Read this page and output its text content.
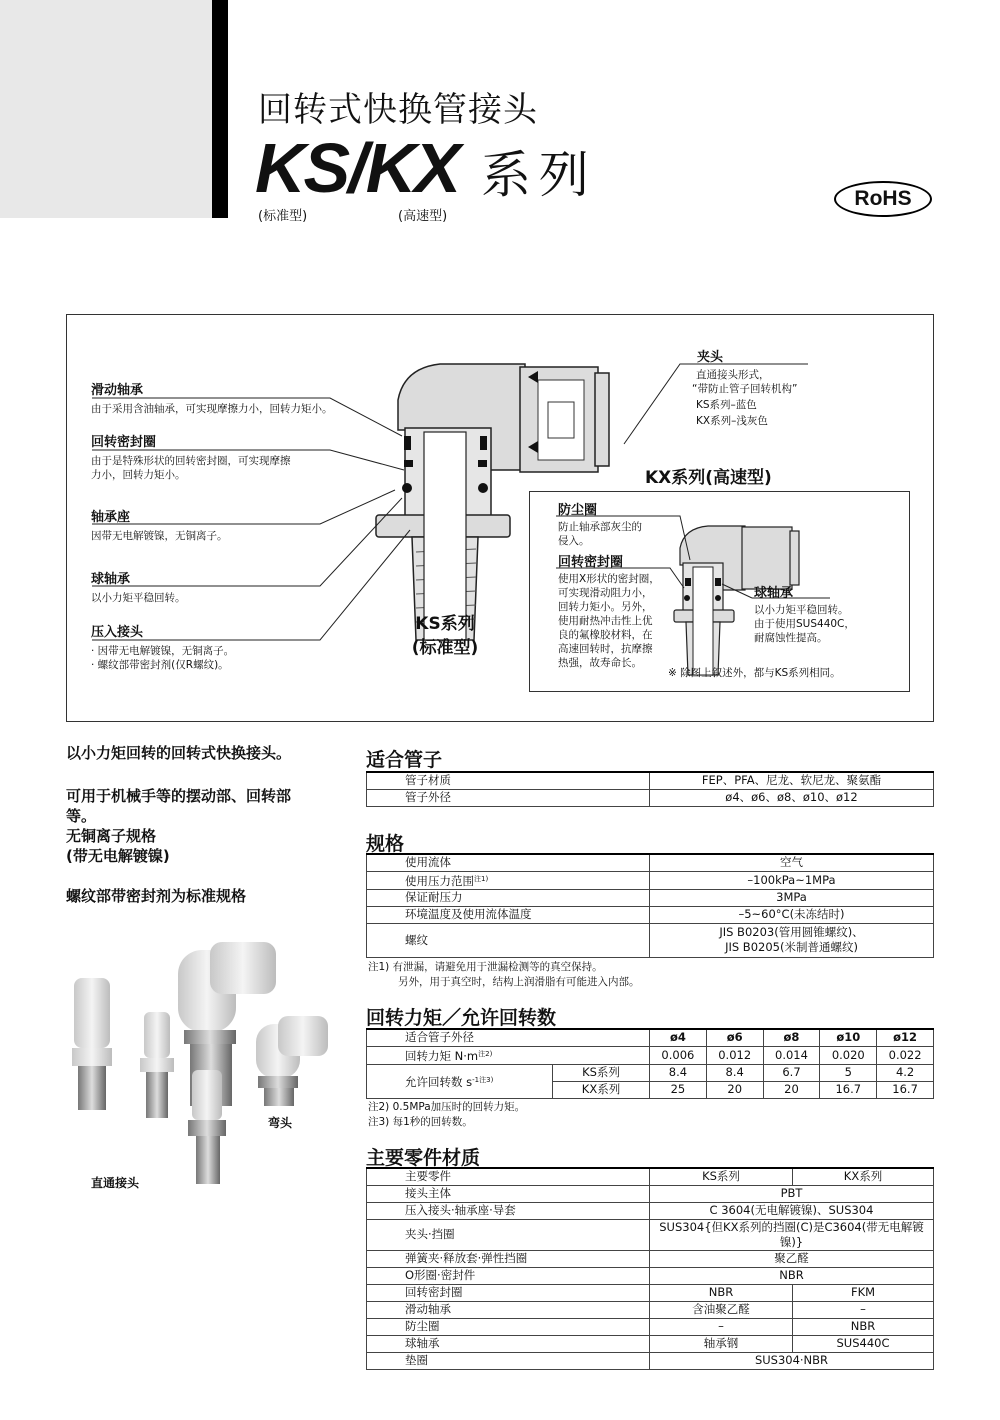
回转式快换管接头
KS/KX 系列
(标准型)	(高速型)
RoHS
滑动轴承
由于采用含油轴承，可实现摩擦力小，回转力矩小。
回转密封圈
由于是特殊形状的回转密封圈，可实现摩擦
力小，回转力矩小。
轴承座
因带无电解镀镍，无铜离子。
球轴承
以小力矩平稳回转。
压入接头
· 因带无电解镀镍，无铜离子。
· 螺纹部带密封剂(仅R螺纹)。
夹头
直通接头形式，
“带防止管子回转机构”
KS系列–蓝色
KX系列–浅灰色
KS系列
(标准型)
KX系列(高速型)
防尘圈
防止轴承部灰尘的
侵入。
回转密封圈
使用X形状的密封圈，
可实现滑动阻力小，
回转力矩小。另外，
使用耐热冲击性上优
良的氟橡胶材料，在
高速回转时，抗摩擦
热强，故寿命长。
球轴承
以小力矩平稳回转。
由于使用SUS440C，
耐腐蚀性提高。
※ 除图上叙述外，都与KS系列相同。
以小力矩回转的回转式快换接头。
可用于机械手等的摆动部、回转部
等。
无铜离子规格
(带无电解镀镍)
螺纹部带密封剂为标准规格
弯头
直通接头
适合管子
管子材质	FEP、PFA、尼龙、软尼龙、聚氨酯
管子外径	ø4、ø6、ø8、ø10、ø12
规格
使用流体	空气
使用压力范围$^{注1)}$	–100kPa~1MPa
保证耐压力	3MPa
环境温度及使用流体温度	–5~60°C(未冻结时)
螺纹	JIS B0203(管用圆锥螺纹)、
JIS B0205(米制普通螺纹)
注1) 有泄漏，请避免用于泄漏检测等的真空保持。
另外，用于真空时，结构上润滑脂有可能进入内部。
回转力矩／允许回转数
适合管子外径		ø4	ø6	ø8	ø10	ø12
回转力矩 $N\cdot m^{注2)}$		0.006	0.012	0.014	0.020	0.022
允许回转数 $s^{-1注3)}$	KS系列	8.4	8.4	6.7	5	4.2
	KX系列	25	20	20	16.7	16.7
注2) 0.5MPa加压时的回转力矩。
注3) 每1秒的回转数。
主要零件材质
主要零件	KS系列	KX系列
接头主体	PBT	
压入接头·轴承座·导套	C 3604(无电解镀镍)、SUS304	
夹头·挡圈	SUS304{但KX系列的挡圈(C)是C3604(带无电解镀镍)}	
弹簧夹·释放套·弹性挡圈	聚乙醛	
O形圈·密封件	NBR	
回转密封圈	NBR	FKM
滑动轴承	含油聚乙醛	–
防尘圈	–	NBR
球轴承	轴承钢	SUS440C
垫圈	SUS304·NBR	
